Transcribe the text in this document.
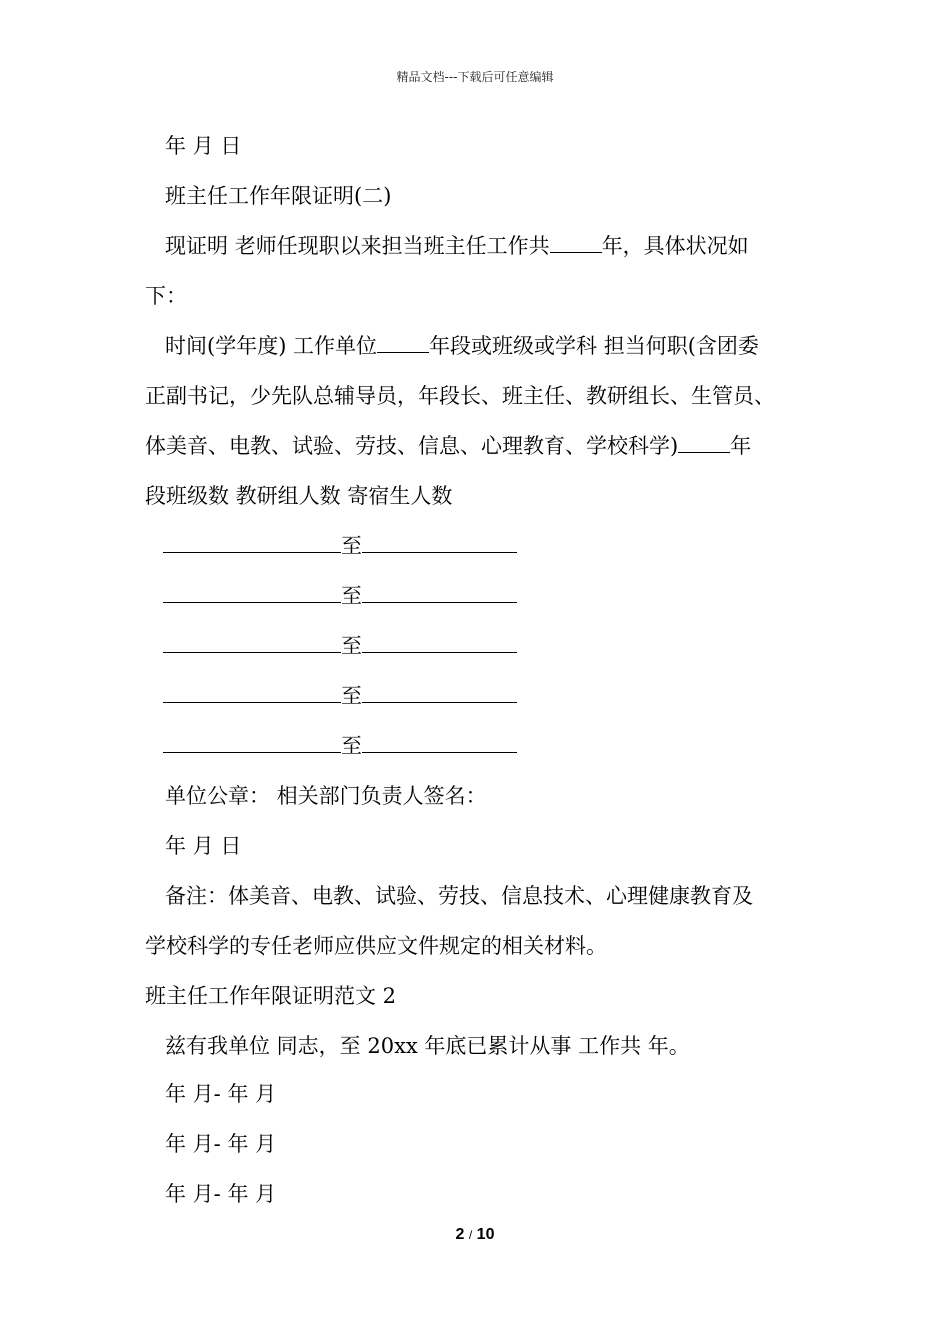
精品文档---下载后可任意编辑
年 月 日
班主任工作年限证明(二)
现证明 老师任现职以来担当班主任工作共 年，具体状况如
下：
时间(学年度) 工作单位 年段或班级或学科 担当何职(含团委
正副书记，少先队总辅导员，年段长、班主任、教研组长、生管员、
体美音、电教、试验、劳技、信息、心理教育、学校科学) 年
段班级数 教研组人数 寄宿生人数
至
至
至
至
至
单位公章： 相关部门负责人签名：
年 月 日
备注：体美音、电教、试验、劳技、信息技术、心理健康教育及
学校科学的专任老师应供应文件规定的相关材料。
班主任工作年限证明范文 2
兹有我单位 同志，至 20xx 年底已累计从事 工作共 年。
年 月- 年 月
年 月- 年 月
年 月- 年 月
2 / 10
